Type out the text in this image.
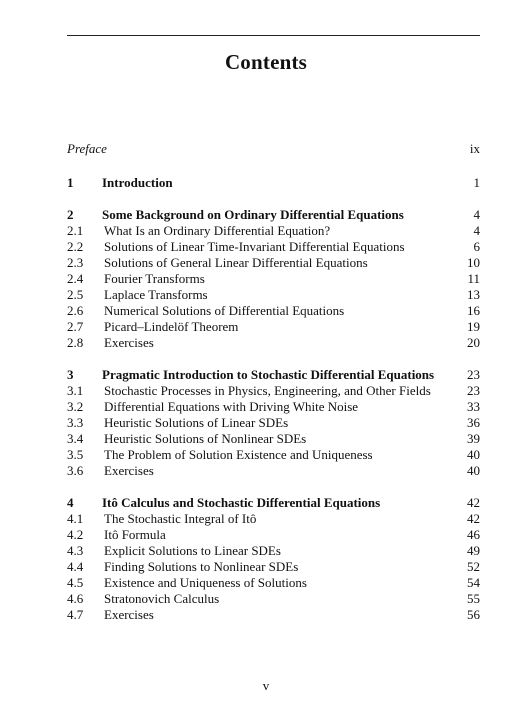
Contents
Preface	ix
1 Introduction	1
2 Some Background on Ordinary Differential Equations	4
2.1 What Is an Ordinary Differential Equation?	4
2.2 Solutions of Linear Time-Invariant Differential Equations	6
2.3 Solutions of General Linear Differential Equations	10
2.4 Fourier Transforms	11
2.5 Laplace Transforms	13
2.6 Numerical Solutions of Differential Equations	16
2.7 Picard–Lindelöf Theorem	19
2.8 Exercises	20
3 Pragmatic Introduction to Stochastic Differential Equations	23
3.1 Stochastic Processes in Physics, Engineering, and Other Fields	23
3.2 Differential Equations with Driving White Noise	33
3.3 Heuristic Solutions of Linear SDEs	36
3.4 Heuristic Solutions of Nonlinear SDEs	39
3.5 The Problem of Solution Existence and Uniqueness	40
3.6 Exercises	40
4 Itô Calculus and Stochastic Differential Equations	42
4.1 The Stochastic Integral of Itô	42
4.2 Itô Formula	46
4.3 Explicit Solutions to Linear SDEs	49
4.4 Finding Solutions to Nonlinear SDEs	52
4.5 Existence and Uniqueness of Solutions	54
4.6 Stratonovich Calculus	55
4.7 Exercises	56
v
